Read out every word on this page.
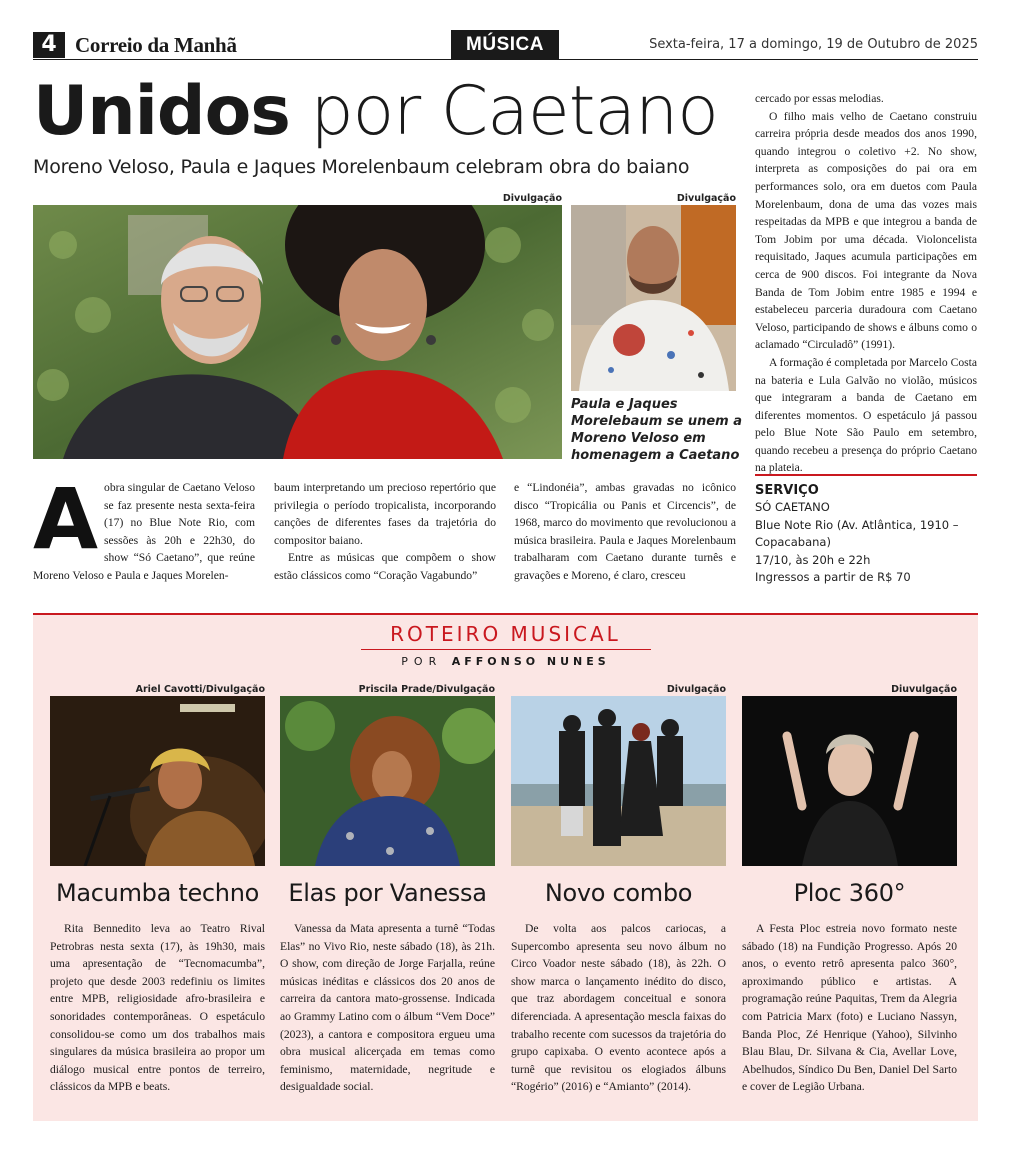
4 Correio da Manhã	MÚSICA	Sexta-feira, 17 a domingo, 19 de Outubro de 2025
Unidos por Caetano
Moreno Veloso, Paula e Jaques Morelenbaum celebram obra do baiano
Divulgação	Divulgação
Paula e Jaques Morelebaum se unem a Moreno Veloso em homenagem a Caetano
A obra singular de Caetano Veloso se faz presente nesta sexta-feira (17) no Blue Note Rio, com sessões às 20h e 22h30, do show “Só Caetano”, que reúne Moreno Veloso e Paula e Jaques Morelen-

baum interpretando um precioso repertório que privilegia o período tropicalista, incorporando canções de diferentes fases da trajetória do compositor baiano.

Entre as músicas que compõem o show estão clássicos como “Coração Vagabundo”

e “Lindonéia”, ambas gravadas no icônico disco “Tropicália ou Panis et Circencis”, de 1968, marco do movimento que revolucionou a música brasileira. Paula e Jaques Morelenbaum trabalharam com Caetano durante turnês e gravações e Moreno, é claro, cresceu

cercado por essas melodias.

O filho mais velho de Caetano construiu carreira própria desde meados dos anos 1990, quando integrou o coletivo +2. No show, interpreta as composições do pai ora em performances solo, ora em duetos com Paula Morelenbaum, dona de uma das vozes mais respeitadas da MPB e que integrou a banda de Tom Jobim por uma década. Violoncelista requisitado, Jaques acumula participações em cerca de 900 discos. Foi integrante da Nova Banda de Tom Jobim entre 1985 e 1994 e estabeleceu parceria duradoura com Caetano Veloso, participando de shows e álbuns como o aclamado “Circuladô” (1991).

A formação é completada por Marcelo Costa na bateria e Lula Galvão no violão, músicos que integraram a banda de Caetano em diferentes momentos. O espetáculo já passou pelo Blue Note São Paulo em setembro, quando recebeu a presença do próprio Caetano na plateia.

SERVIÇO
SÓ CAETANO
Blue Note Rio (Av. Atlântica, 1910 – Copacabana)
17/10, às 20h e 22h
Ingressos a partir de R$ 70
ROTEIRO MUSICAL
POR AFFONSO NUNES
Ariel Cavotti/Divulgação
Macumba techno

Rita Bennedito leva ao Teatro Rival Petrobras nesta sexta (17), às 19h30, mais uma apresentação de “Tecnomacumba”, projeto que desde 2003 redefiniu os limites entre MPB, religiosidade afro-brasileira e sonoridades contemporâneas. O espetáculo consolidou-se como um dos trabalhos mais singulares da música brasileira ao propor um diálogo musical entre pontos de terreiro, clássicos da MPB e beats.

Priscila Prade/Divulgação
Elas por Vanessa

Vanessa da Mata apresenta a turnê “Todas Elas” no Vivo Rio, neste sábado (18), às 21h. O show, com direção de Jorge Farjalla, reúne músicas inéditas e clássicos dos 20 anos de carreira da cantora mato-grossense. Indicada ao Grammy Latino com o álbum “Vem Doce” (2023), a cantora e compositora ergueu uma obra musical alicerçada em temas como feminismo, maternidade, negritude e desigualdade social.

Divulgação
Novo combo

De volta aos palcos cariocas, a Supercombo apresenta seu novo álbum no Circo Voador neste sábado (18), às 22h. O show marca o lançamento inédito do disco, que traz abordagem conceitual e sonora diferenciada. A apresentação mescla faixas do trabalho recente com sucessos da trajetória do grupo capixaba. O evento acontece após a turnê que revisitou os elogiados álbuns “Rogério” (2016) e “Amianto” (2014).

Diuvulgação
Ploc 360°

A Festa Ploc estreia novo formato neste sábado (18) na Fundição Progresso. Após 20 anos, o evento retrô apresenta palco 360°, aproximando público e artistas. A programação reúne Paquitas, Trem da Alegria com Patricia Marx (foto) e Luciano Nassyn, Banda Ploc, Zé Henrique (Yahoo), Silvinho Blau Blau, Dr. Silvana & Cia, Avellar Love, Abelhudos, Síndico Du Ben, Daniel Del Sarto e cover de Legião Urbana.
